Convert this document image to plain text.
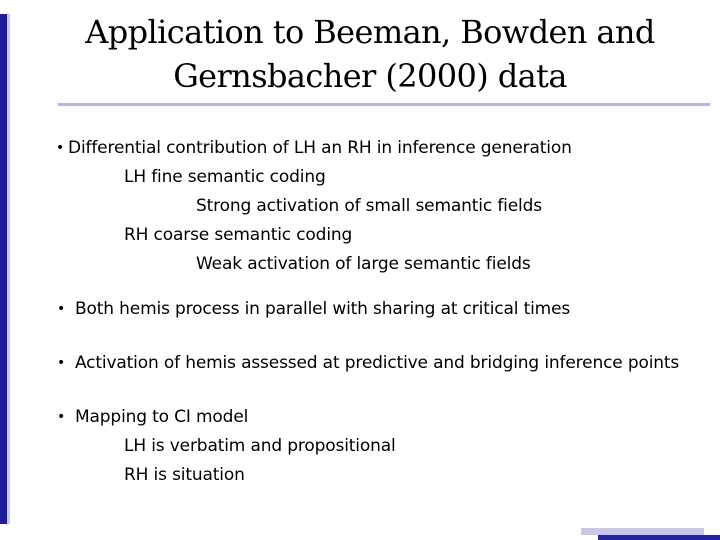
Application to Beeman, Bowden and
Gernsbacher (2000) data
• Differential contribution of LH an RH in inference generation
LH fine semantic coding
Strong activation of small semantic fields
RH coarse semantic coding
Weak activation of large semantic fields
• Both hemis process in parallel with sharing at critical times
• Activation of hemis assessed at predictive and bridging inference points
• Mapping to CI model
LH is verbatim and propositional
RH is situation
